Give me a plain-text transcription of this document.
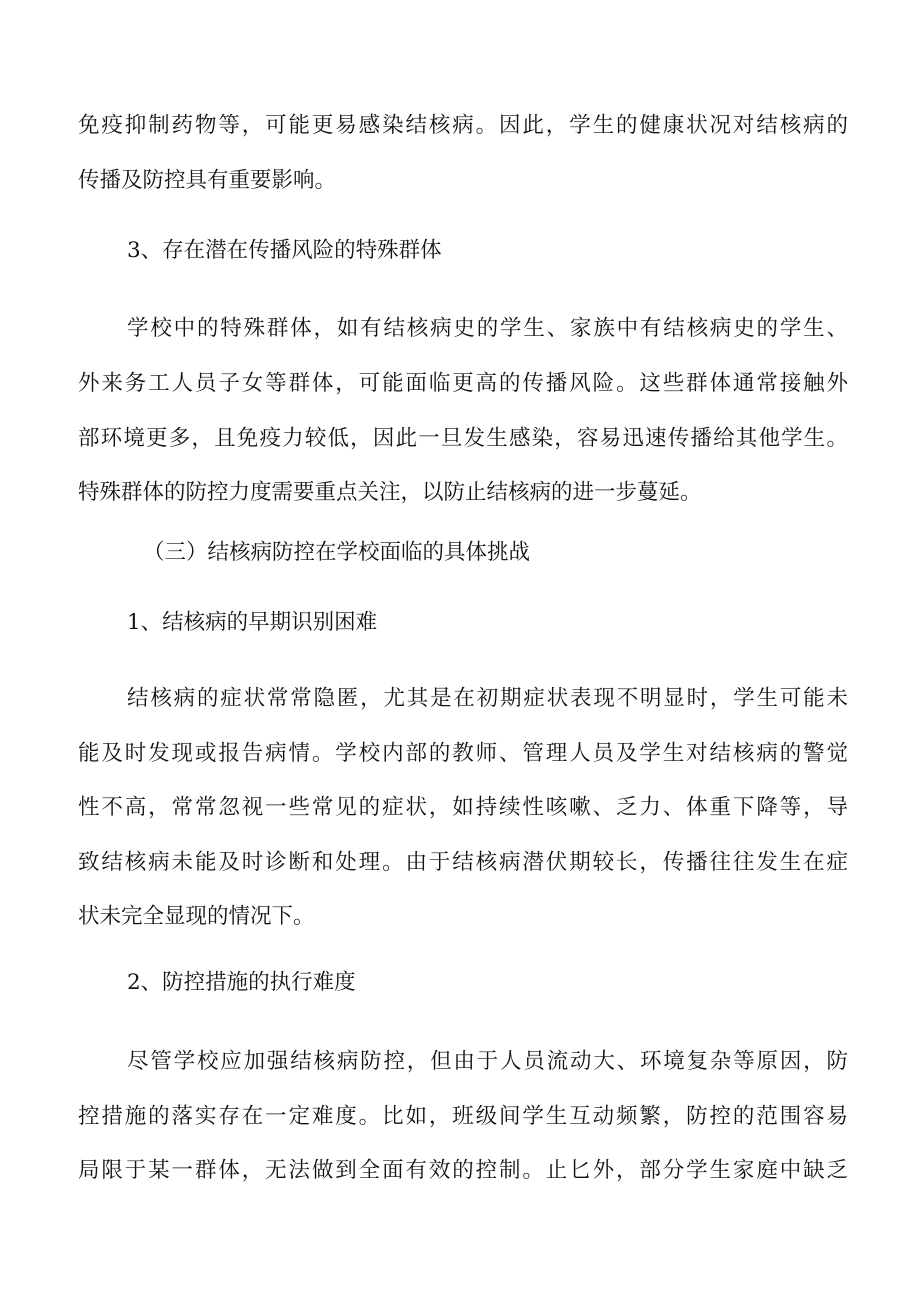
免疫抑制药物等，可能更易感染结核病。因此，学生的健康状况对结核病的
传播及防控具有重要影响。
3、存在潜在传播风险的特殊群体
学校中的特殊群体，如有结核病史的学生、家族中有结核病史的学生、
外来务工人员子女等群体，可能面临更高的传播风险。这些群体通常接触外
部环境更多，且免疫力较低，因此一旦发生感染，容易迅速传播给其他学生。
特殊群体的防控力度需要重点关注，以防止结核病的进一步蔓延。
（三）结核病防控在学校面临的具体挑战
1、结核病的早期识别困难
结核病的症状常常隐匿，尤其是在初期症状表现不明显时，学生可能未
能及时发现或报告病情。学校内部的教师、管理人员及学生对结核病的警觉
性不高，常常忽视一些常见的症状，如持续性咳嗽、乏力、体重下降等，导
致结核病未能及时诊断和处理。由于结核病潜伏期较长，传播往往发生在症
状未完全显现的情况下。
2、防控措施的执行难度
尽管学校应加强结核病防控，但由于人员流动大、环境复杂等原因，防
控措施的落实存在一定难度。比如，班级间学生互动频繁，防控的范围容易
局限于某一群体，无法做到全面有效的控制。止匕外，部分学生家庭中缺乏
